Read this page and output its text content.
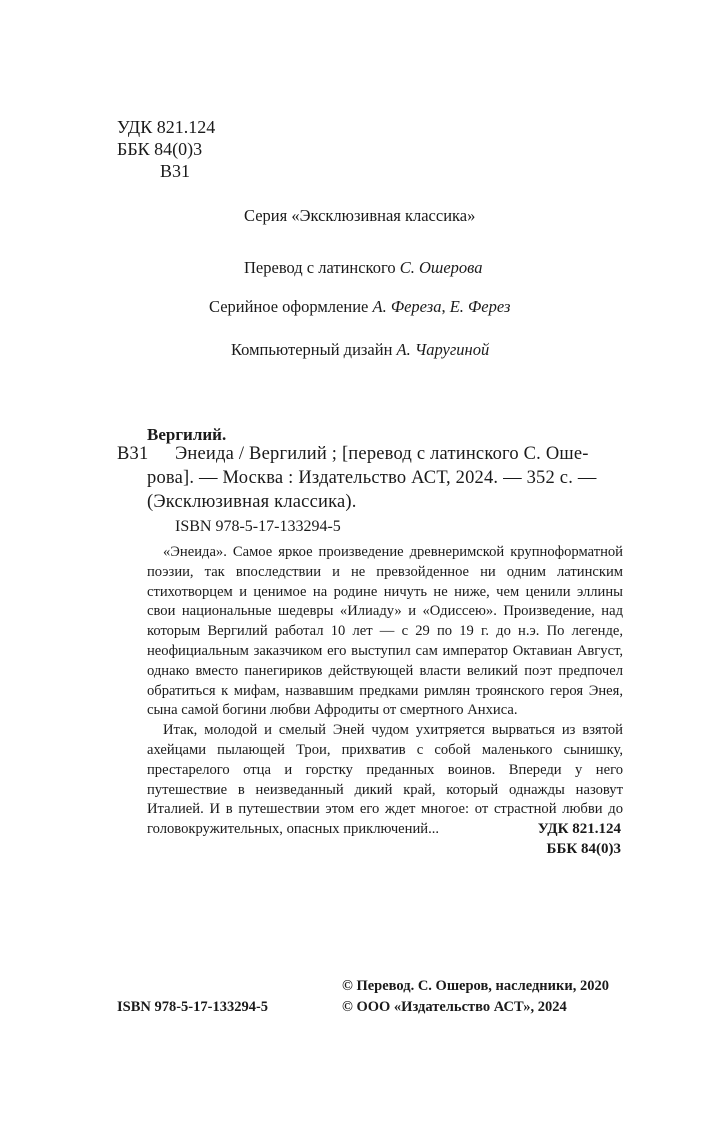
УДК 821.124
ББК 84(0)3
В31
Серия «Эксклюзивная классика»
Перевод с латинского С. Ошерова
Серийное оформление А. Фереза, Е. Ферез
Компьютерный дизайн А. Чаругиной
Вергилий.
В31 Энеида / Вергилий ; [перевод с латинского С. Оше-
рова]. — Москва : Издательство АСТ, 2024. — 352 с. —
(Эксклюзивная классика).
ISBN 978-5-17-133294-5

«Энеида». Самое яркое произведение древнеримской крупноформатной поэзии, так впоследствии и не превзойденное ни одним латинским стихотворцем и ценимое на родине ничуть не ниже, чем ценили эллины свои национальные шедевры «Илиаду» и «Одиссею». Произведение, над которым Вергилий работал 10 лет — с 29 по 19 г. до н.э. По легенде, неофициальным заказчиком его выступил сам император Октавиан Август, однако вместо панегириков действующей власти великий поэт предпочел обратиться к мифам, назвавшим предками римлян троянского героя Энея, сына самой богини любви Афродиты от смертного Анхиса.

Итак, молодой и смелый Эней чудом ухитряется вырваться из взятой ахейцами пылающей Трои, прихватив с собой маленького сынишку, престарелого отца и горстку преданных воинов. Впереди у него путешествие в неизведанный дикий край, который однажды назовут Италией. И в путешествии этом его ждет многое: от страстной любви до головокружительных, опасных приключений...	УДК 821.124
ББК 84(0)3
ISBN 978-5-17-133294-5
© Перевод. С. Ошеров, наследники, 2020
© ООО «Издательство АСТ», 2024
